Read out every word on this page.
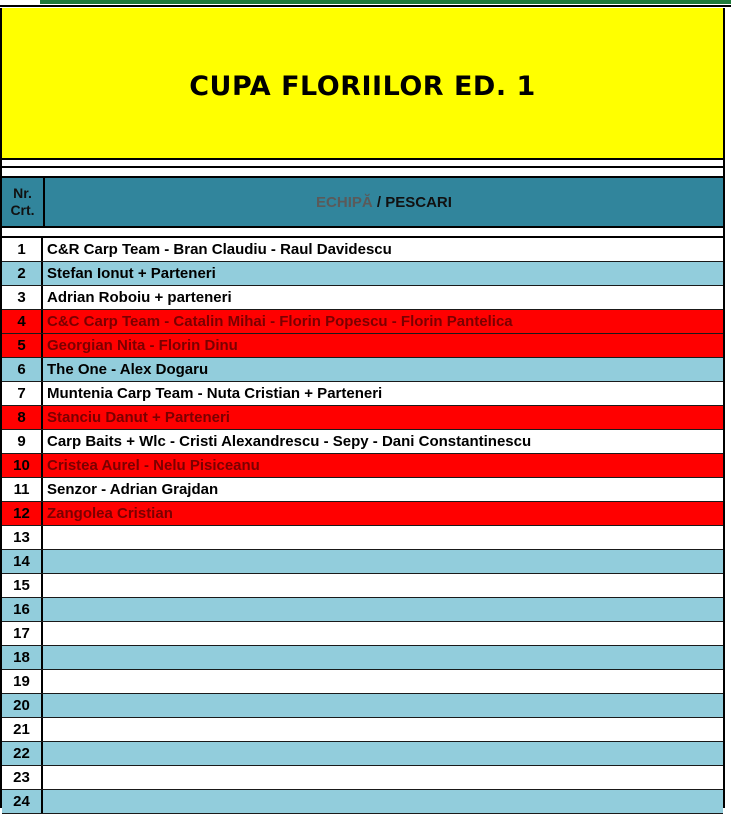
CUPA FLORIILOR ED. 1
Nr.
Crt.	ECHIPĂ / PESCARI
1	C&R Carp Team - Bran Claudiu - Raul Davidescu
2	Stefan Ionut + Parteneri
3	Adrian Roboiu + parteneri
4	C&C Carp Team - Catalin Mihai - Florin Popescu - Florin Pantelica
5	Georgian Nita - Florin Dinu
6	The One - Alex Dogaru
7	Muntenia Carp Team - Nuta Cristian + Parteneri
8	Stanciu Danut + Parteneri
9	Carp Baits + Wlc - Cristi Alexandrescu - Sepy - Dani Constantinescu
10	Cristea Aurel - Nelu Pisiceanu
11	Senzor - Adrian Grajdan
12	Zangolea Cristian
13
14
15
16
17
18
19
20
21
22
23
24
